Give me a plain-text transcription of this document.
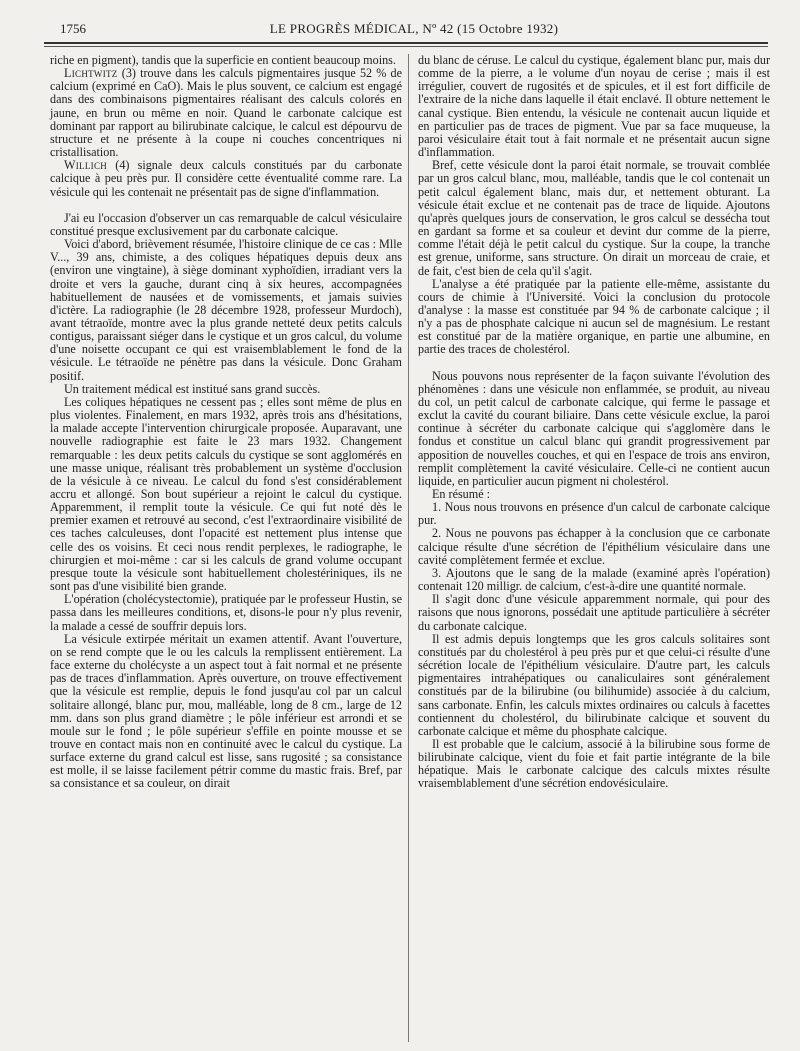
1756	LE PROGRÈS MÉDICAL, Nº 42 (15 Octobre 1932)

riche en pigment), tandis que la superficie en contient beaucoup moins.

Lichtwitz (3) trouve dans les calculs pigmentaires jusque 52 % de calcium (exprimé en CaO). Mais le plus souvent, ce calcium est engagé dans des combinaisons pigmentaires réalisant des calculs colorés en jaune, en brun ou même en noir. Quand le carbonate calcique est dominant par rapport au bilirubinate calcique, le calcul est dépourvu de structure et ne présente à la coupe ni couches concentriques ni cristallisation.

Willich (4) signale deux calculs constitués par du carbonate calcique à peu près pur. Il considère cette éventualité comme rare. La vésicule qui les contenait ne présentait pas de signe d'inflammation.

J'ai eu l'occasion d'observer un cas remarquable de calcul vésiculaire constitué presque exclusivement par du carbonate calcique.

Voici d'abord, brièvement résumée, l'histoire clinique de ce cas : Mlle V..., 39 ans, chimiste, a des coliques hépatiques depuis deux ans (environ une vingtaine), à siège dominant xyphoïdien, irradiant vers la droite et vers la gauche, durant cinq à six heures, accompagnées habituellement de nausées et de vomissements, et jamais suivies d'ictère. La radiographie (le 28 décembre 1928, professeur Murdoch), avant tétraoïde, montre avec la plus grande netteté deux petits calculs contigus, paraissant siéger dans le cystique et un gros calcul, du volume d'une noisette occupant ce qui est vraisemblablement le fond de la vésicule. Le tétraoïde ne pénètre pas dans la vésicule. Donc Graham positif.

Un traitement médical est institué sans grand succès.

Les coliques hépatiques ne cessent pas ; elles sont même de plus en plus violentes. Finalement, en mars 1932, après trois ans d'hésitations, la malade accepte l'intervention chirurgicale proposée. Auparavant, une nouvelle radiographie est faite le 23 mars 1932. Changement remarquable : les deux petits calculs du cystique se sont agglomérés en une masse unique, réalisant très probablement un système d'occlusion de la vésicule à ce niveau. Le calcul du fond s'est considérablement accru et allongé. Son bout supérieur a rejoint le calcul du cystique. Apparemment, il remplit toute la vésicule. Ce qui fut noté dès le premier examen et retrouvé au second, c'est l'extraordinaire visibilité de ces taches calculeuses, dont l'opacité est nettement plus intense que celle des os voisins. Et ceci nous rendit perplexes, le radiographe, le chirurgien et moi-même : car si les calculs de grand volume occupant presque toute la vésicule sont habituellement cholestériniques, ils ne sont pas d'une visibilité bien grande.

L'opération (cholécystectomie), pratiquée par le professeur Hustin, se passa dans les meilleures conditions, et, disons-le pour n'y plus revenir, la malade a cessé de souffrir depuis lors.

La vésicule extirpée méritait un examen attentif. Avant l'ouverture, on se rend compte que le ou les calculs la remplissent entièrement. La face externe du cholécyste a un aspect tout à fait normal et ne présente pas de traces d'inflammation. Après ouverture, on trouve effectivement que la vésicule est remplie, depuis le fond jusqu'au col par un calcul solitaire allongé, blanc pur, mou, malléable, long de 8 cm., large de 12 mm. dans son plus grand diamètre ; le pôle inférieur est arrondi et se moule sur le fond ; le pôle supérieur s'effile en pointe mousse et se trouve en contact mais non en continuité avec le calcul du cystique. La surface externe du grand calcul est lisse, sans rugosité ; sa consistance est molle, il se laisse facilement pétrir comme du mastic frais. Bref, par sa consistance et sa couleur, on dirait

du blanc de céruse. Le calcul du cystique, également blanc pur, mais dur comme de la pierre, a le volume d'un noyau de cerise ; mais il est irrégulier, couvert de rugosités et de spicules, et il est fort difficile de l'extraire de la niche dans laquelle il était enclavé. Il obture nettement le canal cystique. Bien entendu, la vésicule ne contenait aucun liquide et en particulier pas de traces de pigment. Vue par sa face muqueuse, la paroi vésiculaire était tout à fait normale et ne présentait aucun signe d'inflammation.

Bref, cette vésicule dont la paroi était normale, se trouvait comblée par un gros calcul blanc, mou, malléable, tandis que le col contenait un petit calcul également blanc, mais dur, et nettement obturant. La vésicule était exclue et ne contenait pas de trace de liquide. Ajoutons qu'après quelques jours de conservation, le gros calcul se dessécha tout en gardant sa forme et sa couleur et devint dur comme de la pierre, comme l'était déjà le petit calcul du cystique. Sur la coupe, la tranche est grenue, uniforme, sans structure. On dirait un morceau de craie, et de fait, c'est bien de cela qu'il s'agit.

L'analyse a été pratiquée par la patiente elle-même, assistante du cours de chimie à l'Université. Voici la conclusion du protocole d'analyse : la masse est constituée par 94 % de carbonate calcique ; il n'y a pas de phosphate calcique ni aucun sel de magnésium. Le restant est constitué par de la matière organique, en partie une albumine, en partie des traces de cholestérol.

Nous pouvons nous représenter de la façon suivante l'évolution des phénomènes : dans une vésicule non enflammée, se produit, au niveau du col, un petit calcul de carbonate calcique, qui ferme le passage et exclut la cavité du courant biliaire. Dans cette vésicule exclue, la paroi continue à sécréter du carbonate calcique qui s'agglomère dans le fondus et constitue un calcul blanc qui grandit progressivement par apposition de nouvelles couches, et qui en l'espace de trois ans environ, remplit complètement la cavité vésiculaire. Celle-ci ne contient aucun liquide, en particulier aucun pigment ni cholestérol.

En résumé :

1. Nous nous trouvons en présence d'un calcul de carbonate calcique pur.

2. Nous ne pouvons pas échapper à la conclusion que ce carbonate calcique résulte d'une sécrétion de l'épithélium vésiculaire dans une cavité complètement fermée et exclue.

3. Ajoutons que le sang de la malade (examiné après l'opération) contenait 120 milligr. de calcium, c'est-à-dire une quantité normale.

Il s'agit donc d'une vésicule apparemment normale, qui pour des raisons que nous ignorons, possédait une aptitude particulière à sécréter du carbonate calcique.

Il est admis depuis longtemps que les gros calculs solitaires sont constitués par du cholestérol à peu près pur et que celui-ci résulte d'une sécrétion locale de l'épithélium vésiculaire. D'autre part, les calculs pigmentaires intrahépatiques ou canaliculaires sont généralement constitués par de la bilirubine (ou bilihumide) associée à du calcium, sans carbonate. Enfin, les calculs mixtes ordinaires ou calculs à facettes contiennent du cholestérol, du bilirubinate calcique et souvent du carbonate calcique et même du phosphate calcique.

Il est probable que le calcium, associé à la bilirubine sous forme de bilirubinate calcique, vient du foie et fait partie intégrante de la bile hépatique. Mais le carbonate calcique des calculs mixtes résulte vraisemblablement d'une sécrétion endovésiculaire.
